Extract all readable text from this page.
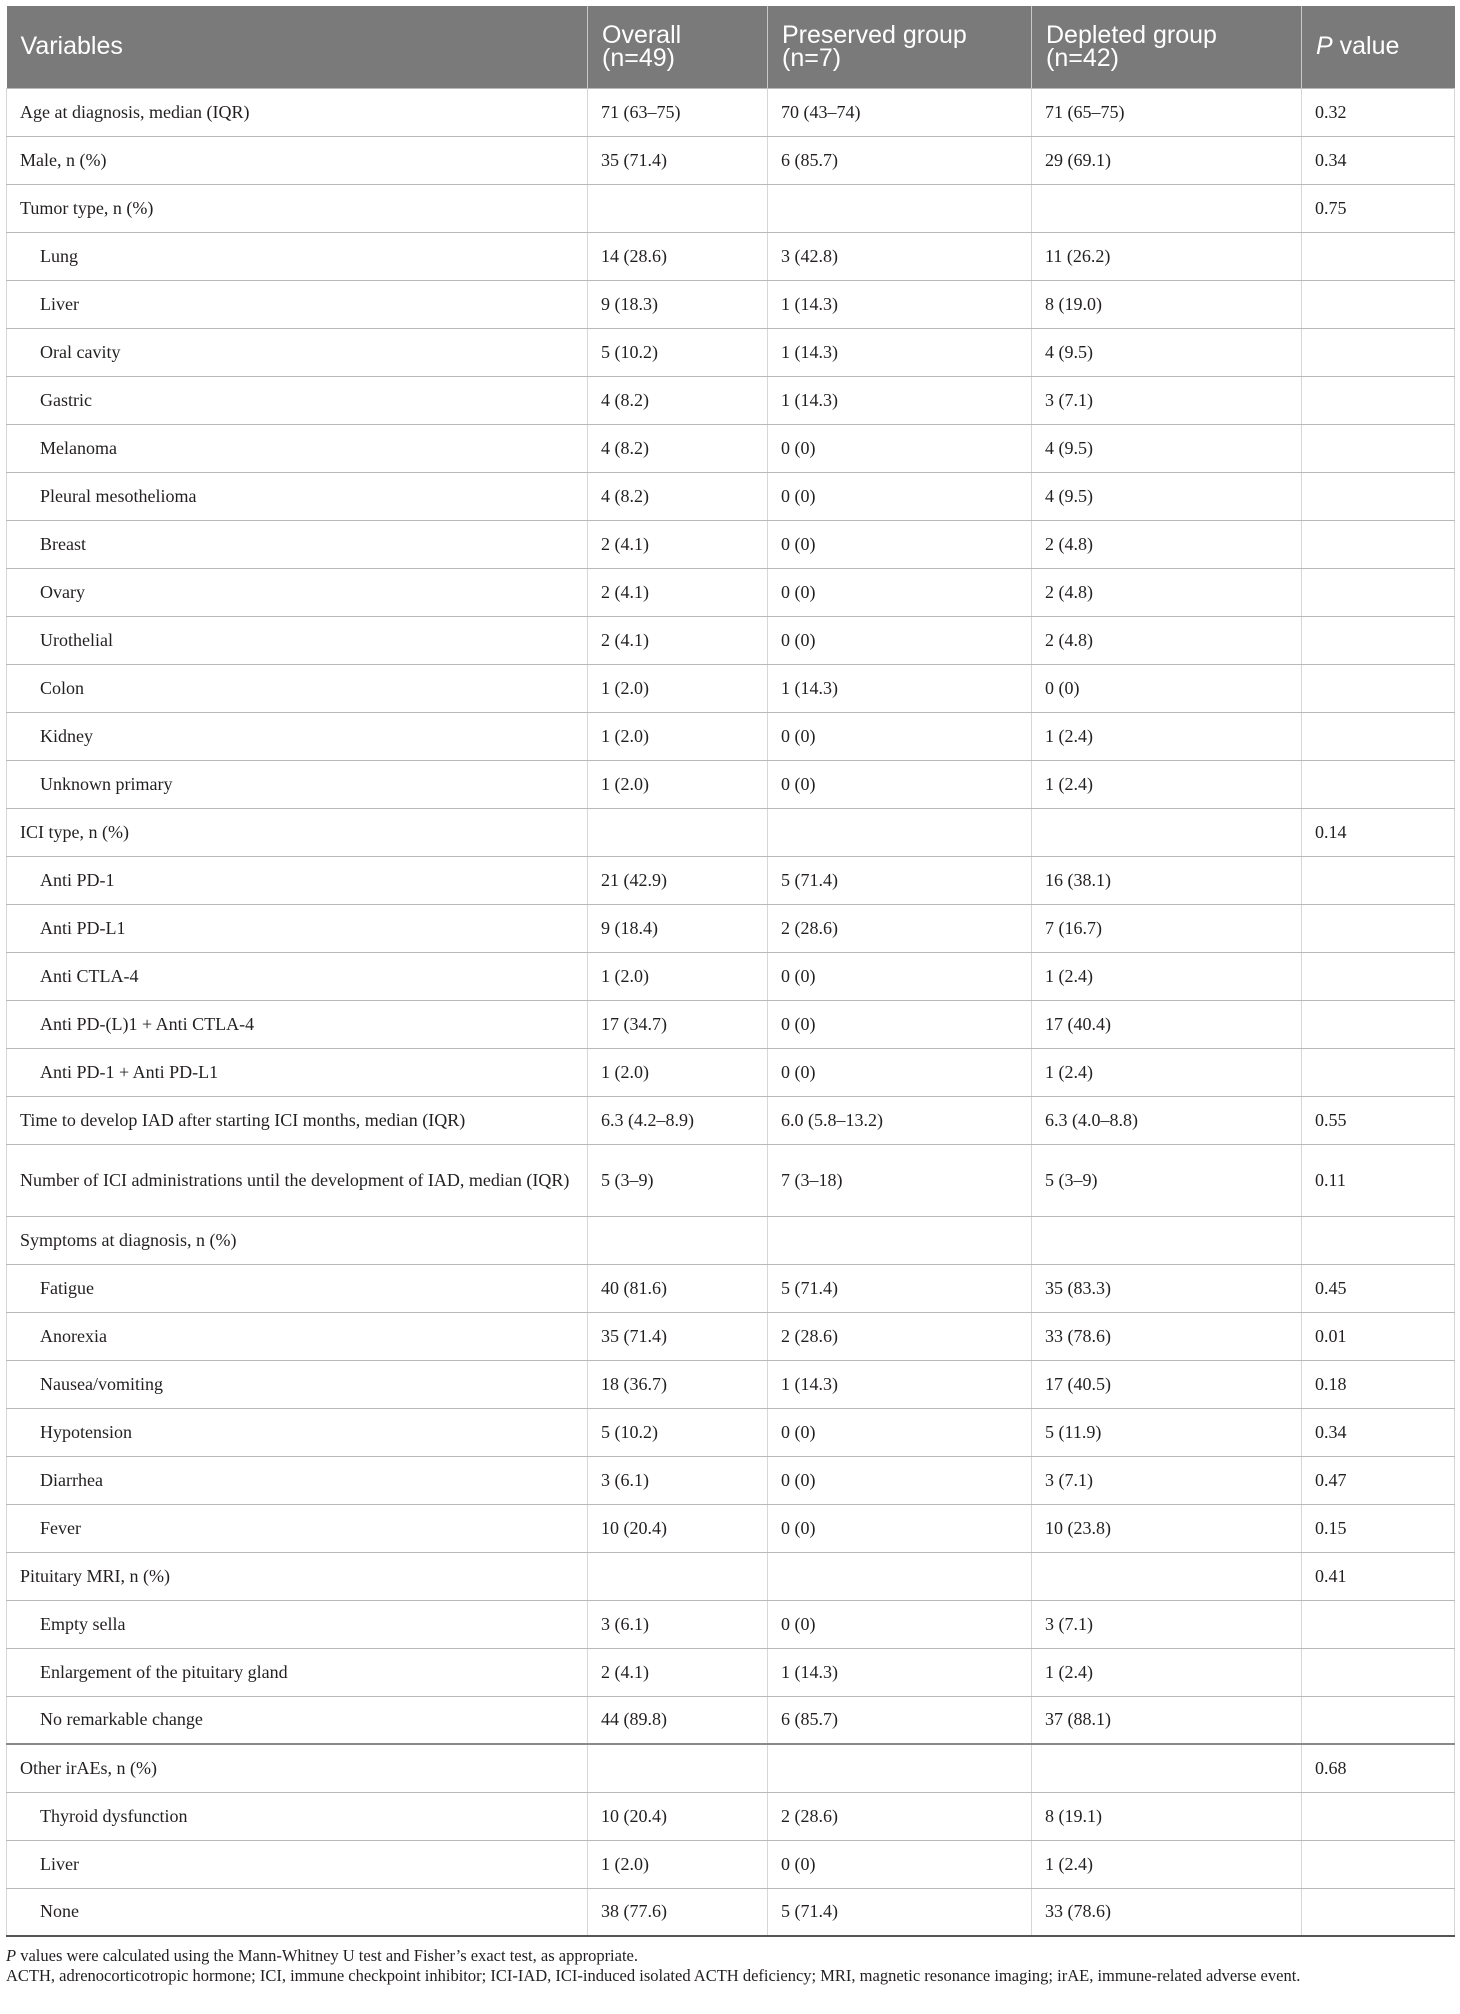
Variables	Overall (n=49)	Preserved group (n=7)	Depleted group (n=42)	P value
Age at diagnosis, median (IQR)	71 (63–75)	70 (43–74)	71 (65–75)	0.32
Male, n (%)	35 (71.4)	6 (85.7)	29 (69.1)	0.34
Tumor type, n (%)				0.75
Lung	14 (28.6)	3 (42.8)	11 (26.2)	
Liver	9 (18.3)	1 (14.3)	8 (19.0)	
Oral cavity	5 (10.2)	1 (14.3)	4 (9.5)	
Gastric	4 (8.2)	1 (14.3)	3 (7.1)	
Melanoma	4 (8.2)	0 (0)	4 (9.5)	
Pleural mesothelioma	4 (8.2)	0 (0)	4 (9.5)	
Breast	2 (4.1)	0 (0)	2 (4.8)	
Ovary	2 (4.1)	0 (0)	2 (4.8)	
Urothelial	2 (4.1)	0 (0)	2 (4.8)	
Colon	1 (2.0)	1 (14.3)	0 (0)	
Kidney	1 (2.0)	0 (0)	1 (2.4)	
Unknown primary	1 (2.0)	0 (0)	1 (2.4)	
ICI type, n (%)				0.14
Anti PD-1	21 (42.9)	5 (71.4)	16 (38.1)	
Anti PD-L1	9 (18.4)	2 (28.6)	7 (16.7)	
Anti CTLA-4	1 (2.0)	0 (0)	1 (2.4)	
Anti PD-(L)1 + Anti CTLA-4	17 (34.7)	0 (0)	17 (40.4)	
Anti PD-1 + Anti PD-L1	1 (2.0)	0 (0)	1 (2.4)	
Time to develop IAD after starting ICI months, median (IQR)	6.3 (4.2–8.9)	6.0 (5.8–13.2)	6.3 (4.0–8.8)	0.55
Number of ICI administrations until the development of IAD, median (IQR)	5 (3–9)	7 (3–18)	5 (3–9)	0.11
Symptoms at diagnosis, n (%)				
Fatigue	40 (81.6)	5 (71.4)	35 (83.3)	0.45
Anorexia	35 (71.4)	2 (28.6)	33 (78.6)	0.01
Nausea/vomiting	18 (36.7)	1 (14.3)	17 (40.5)	0.18
Hypotension	5 (10.2)	0 (0)	5 (11.9)	0.34
Diarrhea	3 (6.1)	0 (0)	3 (7.1)	0.47
Fever	10 (20.4)	0 (0)	10 (23.8)	0.15
Pituitary MRI, n (%)				0.41
Empty sella	3 (6.1)	0 (0)	3 (7.1)	
Enlargement of the pituitary gland	2 (4.1)	1 (14.3)	1 (2.4)	
No remarkable change	44 (89.8)	6 (85.7)	37 (88.1)	
Other irAEs, n (%)				0.68
Thyroid dysfunction	10 (20.4)	2 (28.6)	8 (19.1)	
Liver	1 (2.0)	0 (0)	1 (2.4)	
None	38 (77.6)	5 (71.4)	33 (78.6)	

P values were calculated using the Mann-Whitney U test and Fisher’s exact test, as appropriate.

ACTH, adrenocorticotropic hormone; ICI, immune checkpoint inhibitor; ICI-IAD, ICI-induced isolated ACTH deficiency; MRI, magnetic resonance imaging; irAE, immune-related adverse event.
